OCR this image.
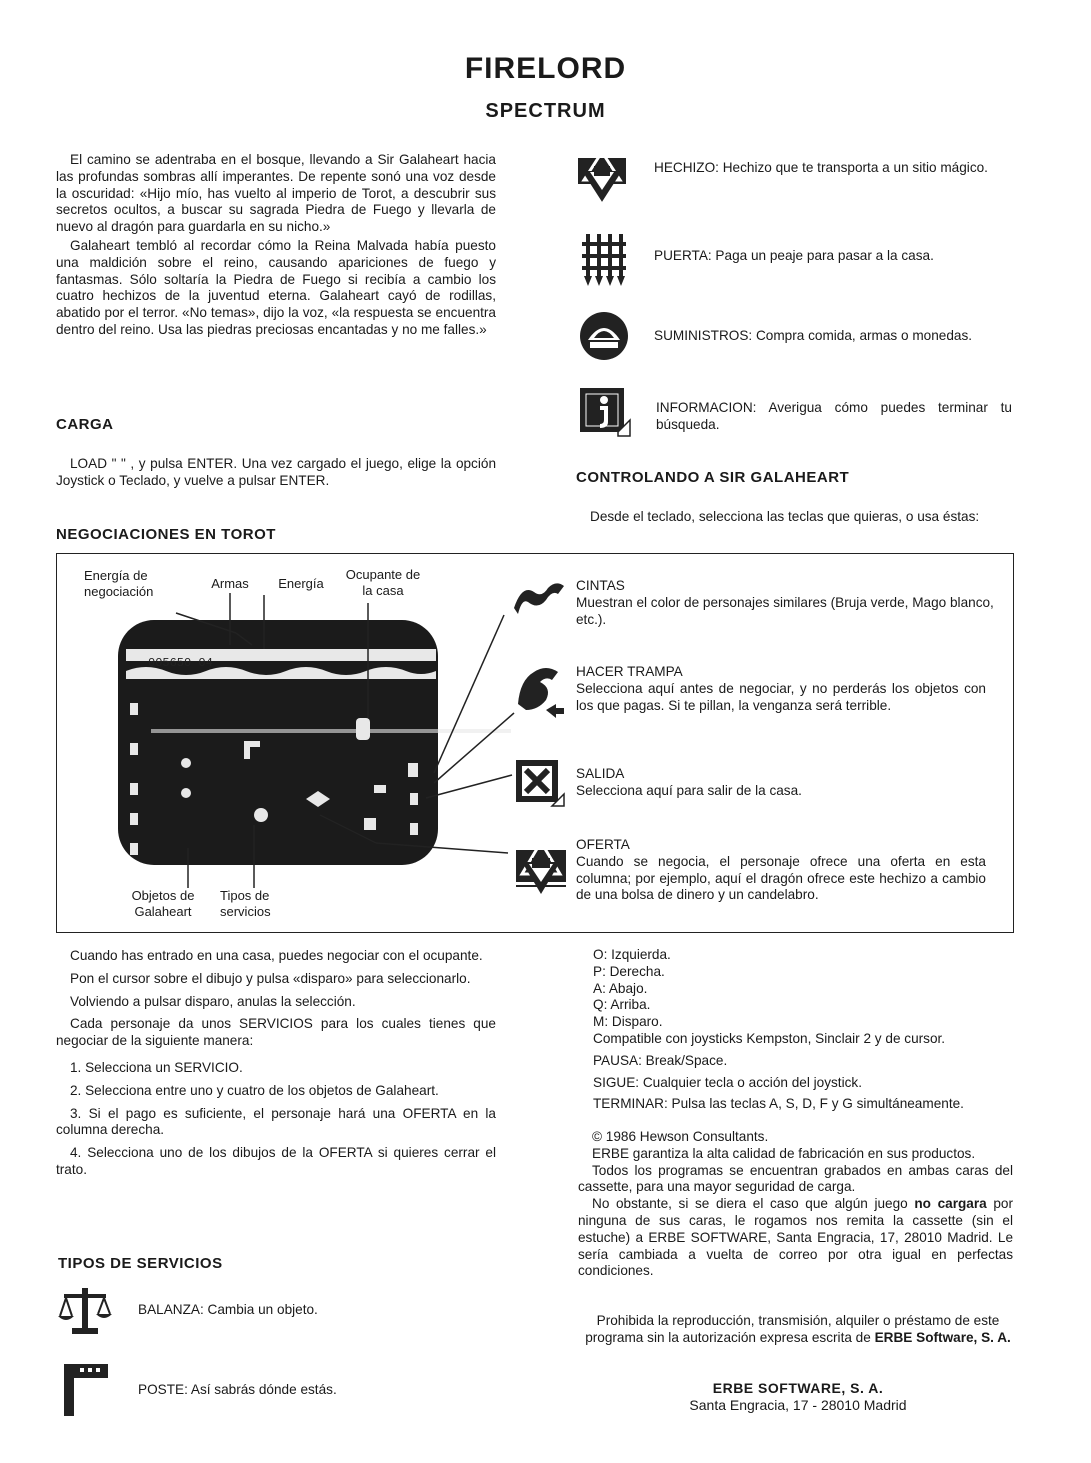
FIRELORD
SPECTRUM

El camino se adentraba en el bosque, llevando a Sir Galaheart hacia las profundas sombras allí imperantes. De repente sonó una voz desde la oscuridad: «Hijo mío, has vuelto al imperio de Torot, a descubrir sus secretos ocultos, a buscar su sagrada Piedra de Fuego y llevarla de nuevo al dragón para guardarla en su nicho.»

Galaheart tembló al recordar cómo la Reina Malvada había puesto una maldición sobre el reino, causando apariciones de fuego y fantasmas. Sólo soltaría la Piedra de Fuego si recibía a cambio los cuatro hechizos de la juventud eterna. Galaheart cayó de rodillas, abatido por el terror. «No temas», dijo la voz, «la respuesta se encuentra dentro del reino. Usa las piedras preciosas encantadas y no me falles.»

CARGA

LOAD " " , y pulsa ENTER. Una vez cargado el juego, elige la opción Joystick o Teclado, y vuelve a pulsar ENTER.

NEGOCIACIONES EN TOROT
HECHIZO: Hechizo que te transporta a un sitio mágico.
PUERTA: Paga un peaje para pasar a la casa.
SUMINISTROS: Compra comida, armas o monedas.
INFORMACION: Averigua cómo puedes terminar tu búsqueda.
CONTROLANDO A SIR GALAHEART

Desde el teclado, selecciona las teclas que quieras, o usa éstas:

Energía de negociación
Armas	Energía
Ocupante de la casa
Objetos de Galaheart
Tipos de servicios
005650 04
CINTAS
Muestran el color de personajes similares (Bruja verde, Mago blanco, etc.).
HACER TRAMPA
Selecciona aquí antes de negociar, y no perderás los objetos con los que pagas. Si te pillan, la venganza será terrible.
SALIDA
Selecciona aquí para salir de la casa.
OFERTA
Cuando se negocia, el personaje ofrece una oferta en esta columna; por ejemplo, aquí el dragón ofrece este hechizo a cambio de una bolsa de dinero y un candelabro.

Cuando has entrado en una casa, puedes negociar con el ocupante.

Pon el cursor sobre el dibujo y pulsa «disparo» para seleccionarlo.

Volviendo a pulsar disparo, anulas la selección.

Cada personaje da unos SERVICIOS para los cuales tienes que negociar de la siguiente manera:

1. Selecciona un SERVICIO.

2. Selecciona entre uno y cuatro de los objetos de Galaheart.

3. Si el pago es suficiente, el personaje hará una OFERTA en la columna derecha.

4. Selecciona uno de los dibujos de la OFERTA si quieres cerrar el trato.

TIPOS DE SERVICIOS
BALANZA: Cambia un objeto.
POSTE: Así sabrás dónde estás.
O: Izquierda.
P: Derecha.
A: Abajo.
Q: Arriba.
M: Disparo.
Compatible con joysticks Kempston, Sinclair 2 y de cursor.
PAUSA: Break/Space.
SIGUE: Cualquier tecla o acción del joystick.
TERMINAR: Pulsa las teclas A, S, D, F y G simultáneamente.

© 1986 Hewson Consultants.

ERBE garantiza la alta calidad de fabricación en sus productos.

Todos los programas se encuentran grabados en ambas caras del cassette, para una mayor seguridad de carga.

No obstante, si se diera el caso que algún juego no cargara por ninguna de sus caras, le rogamos nos remita la cassette (sin el estuche) a ERBE SOFTWARE, Santa Engracia, 17, 28010 Madrid. Le sería cambiada a vuelta de correo por otra igual en perfectas condiciones.

Prohibida la reproducción, transmisión, alquiler o préstamo de este programa sin la autorización expresa escrita de ERBE Software, S. A.
ERBE SOFTWARE, S. A.
Santa Engracia, 17 - 28010 Madrid
